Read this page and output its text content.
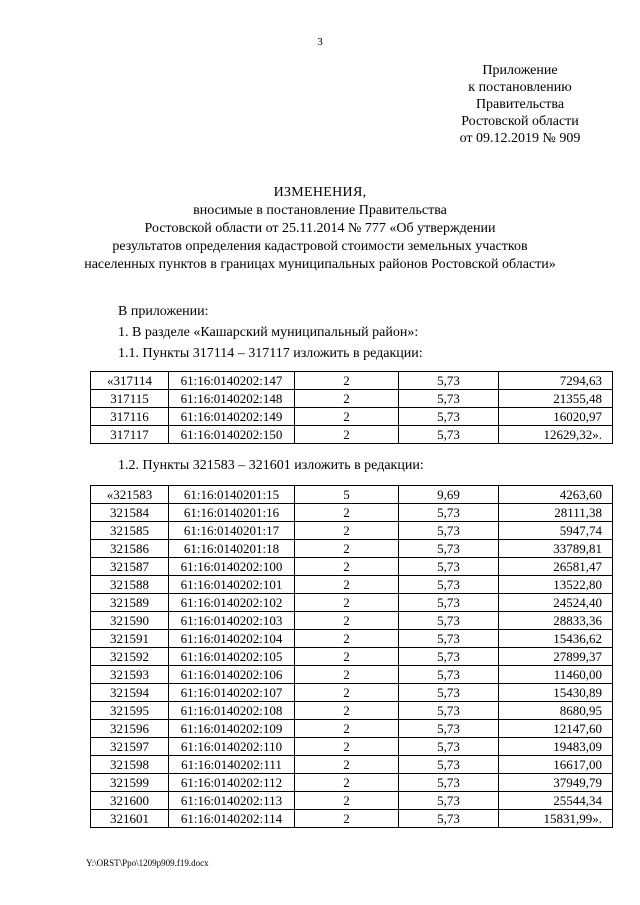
3
Приложение
к постановлению
Правительства
Ростовской области
от 09.12.2019 № 909
ИЗМЕНЕНИЯ,
вносимые в постановление Правительства
Ростовской области от 25.11.2014 № 777 «Об утверждении
результатов определения кадастровой стоимости земельных участков
населенных пунктов в границах муниципальных районов Ростовской области»
В приложении:
1. В разделе «Кашарский муниципальный район»:
1.1. Пункты 317114 – 317117 изложить в редакции:
«317114	61:16:0140202:147	2	5,73	7294,63
317115	61:16:0140202:148	2	5,73	21355,48
317116	61:16:0140202:149	2	5,73	16020,97
317117	61:16:0140202:150	2	5,73	12629,32».
1.2. Пункты 321583 – 321601 изложить в редакции:
«321583	61:16:0140201:15	5	9,69	4263,60
321584	61:16:0140201:16	2	5,73	28111,38
321585	61:16:0140201:17	2	5,73	5947,74
321586	61:16:0140201:18	2	5,73	33789,81
321587	61:16:0140202:100	2	5,73	26581,47
321588	61:16:0140202:101	2	5,73	13522,80
321589	61:16:0140202:102	2	5,73	24524,40
321590	61:16:0140202:103	2	5,73	28833,36
321591	61:16:0140202:104	2	5,73	15436,62
321592	61:16:0140202:105	2	5,73	27899,37
321593	61:16:0140202:106	2	5,73	11460,00
321594	61:16:0140202:107	2	5,73	15430,89
321595	61:16:0140202:108	2	5,73	8680,95
321596	61:16:0140202:109	2	5,73	12147,60
321597	61:16:0140202:110	2	5,73	19483,09
321598	61:16:0140202:111	2	5,73	16617,00
321599	61:16:0140202:112	2	5,73	37949,79
321600	61:16:0140202:113	2	5,73	25544,34
321601	61:16:0140202:114	2	5,73	15831,99».
Y:\ORST\Ppo\1209p909.f19.docx
